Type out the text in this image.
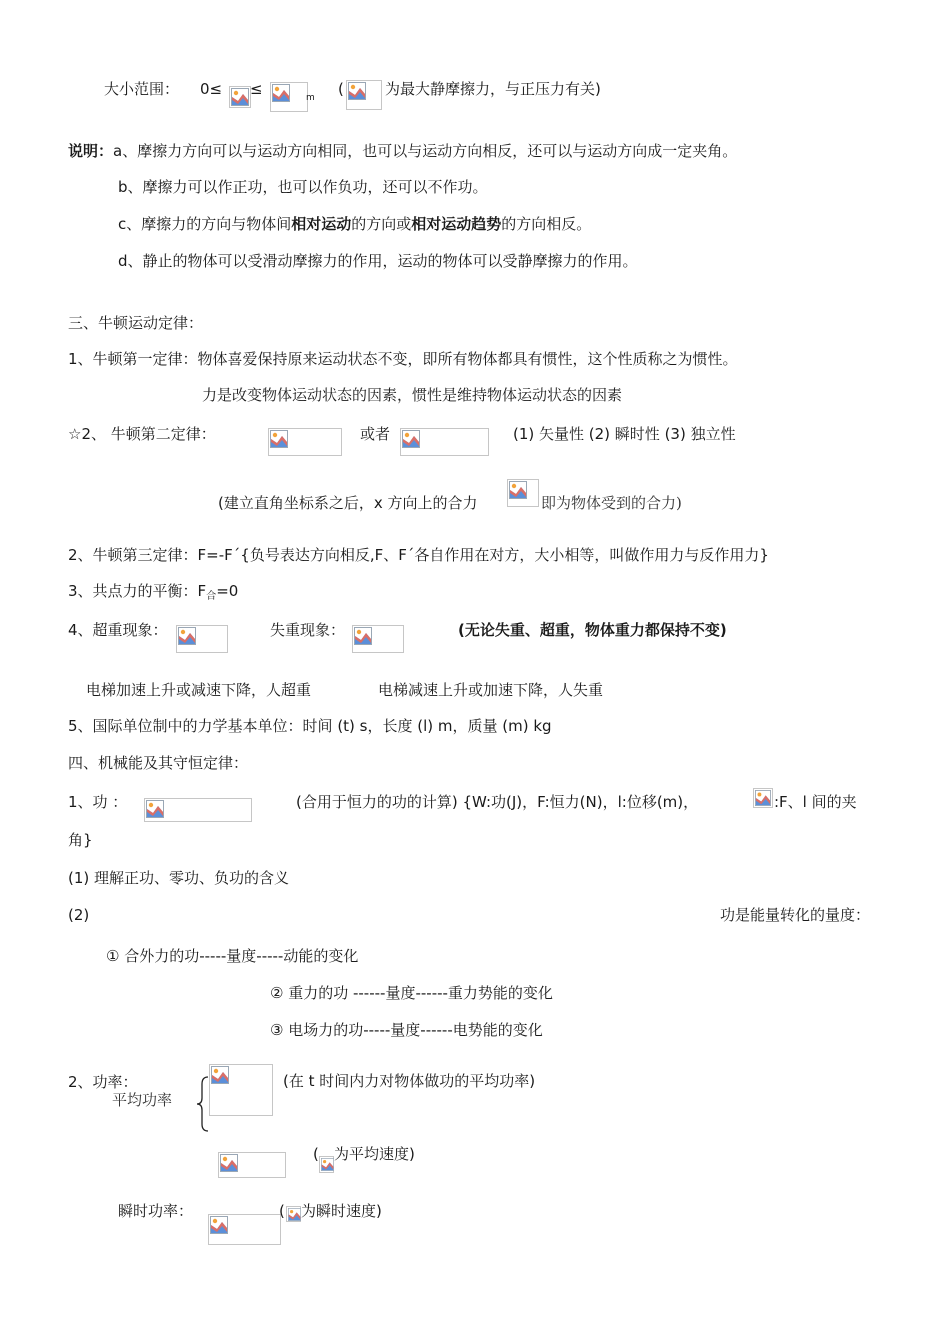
大小范围： 0≤ ≤	$_m$ (	为最大静摩擦力，与正压力有关)
说明：a、摩擦力方向可以与运动方向相同，也可以与运动方向相反，还可以与运动方向成一定夹角。
b、摩擦力可以作正功，也可以作负功，还可以不作功。
c、摩擦力的方向与物体间相对运动的方向或相对运动趋势的方向相反。
d、静止的物体可以受滑动摩擦力的作用，运动的物体可以受静摩擦力的作用。
三、牛顿运动定律：
1、牛顿第一定律：物体喜爱保持原来运动状态不变，即所有物体都具有惯性，这个性质称之为惯性。
力是改变物体运动状态的因素，惯性是维持物体运动状态的因素
☆2、 牛顿第二定律：	或者	(1) 矢量性 (2) 瞬时性 (3) 独立性
(建立直角坐标系之后，x 方向上的合力	即为物体受到的合力)
2、牛顿第三定律：F=-F´{负号表达方向相反,F、F´各自作用在对方，大小相等，叫做作用力与反作用力}
3、共点力的平衡：$F_合=0$
4、超重现象：	失重现象：	(无论失重、超重，物体重力都保持不变)
电梯加速上升或减速下降，人超重	电梯减速上升或加速下降，人失重
5、国际单位制中的力学基本单位：时间 (t) s，长度 (l) m，质量 (m) kg
四、机械能及其守恒定律：
1、功 ：	(合用于恒力的功的计算) {W:功(J)，F:恒力(N)，l:位移(m)，	:F、l 间的夹
角}
(1) 理解正功、零功、负功的含义
(2)	功是能量转化的量度：
① 合外力的功-----量度-----动能的变化
② 重力的功 ------量度------重力势能的变化
③ 电场力的功-----量度------电势能的变化
2、功率：
平均功率
(在 t 时间内力对物体做功的平均功率)
( 为平均速度)
瞬时功率：	( 为瞬时速度)
